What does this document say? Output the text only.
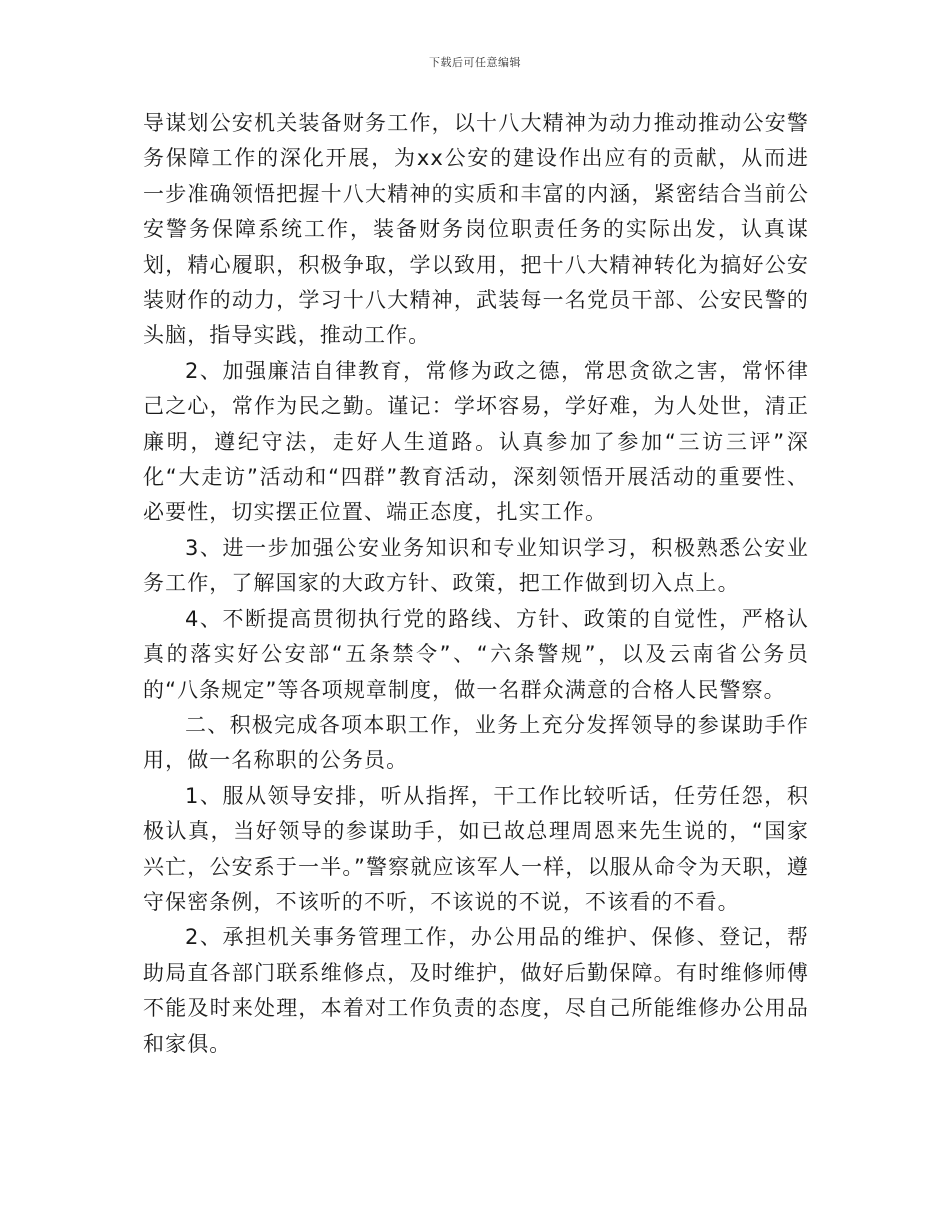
下载后可任意编辑

导谋划公安机关装备财务工作，以十八大精神为动力推动推动公安警务保障工作的深化开展，为xx公安的建设作出应有的贡献，从而进一步准确领悟把握十八大精神的实质和丰富的内涵，紧密结合当前公安警务保障系统工作，装备财务岗位职责任务的实际出发，认真谋划，精心履职，积极争取，学以致用，把十八大精神转化为搞好公安装财作的动力，学习十八大精神，武装每一名党员干部、公安民警的头脑，指导实践，推动工作。

2、加强廉洁自律教育，常修为政之德，常思贪欲之害，常怀律己之心，常作为民之勤。谨记：学坏容易，学好难，为人处世，清正廉明，遵纪守法，走好人生道路。认真参加了参加“三访三评”深化“大走访”活动和“四群”教育活动，深刻领悟开展活动的重要性、必要性，切实摆正位置、端正态度，扎实工作。

3、进一步加强公安业务知识和专业知识学习，积极熟悉公安业务工作，了解国家的大政方针、政策，把工作做到切入点上。

4、不断提高贯彻执行党的路线、方针、政策的自觉性，严格认真的落实好公安部“五条禁令”、“六条警规”，以及云南省公务员的“八条规定”等各项规章制度，做一名群众满意的合格人民警察。

二、积极完成各项本职工作，业务上充分发挥领导的参谋助手作用，做一名称职的公务员。

1、服从领导安排，听从指挥，干工作比较听话，任劳任怨，积极认真，当好领导的参谋助手，如已故总理周恩来先生说的，“国家兴亡，公安系于一半。”警察就应该军人一样，以服从命令为天职，遵守保密条例，不该听的不听，不该说的不说，不该看的不看。

2、承担机关事务管理工作，办公用品的维护、保修、登记，帮助局直各部门联系维修点，及时维护，做好后勤保障。有时维修师傅不能及时来处理，本着对工作负责的态度，尽自己所能维修办公用品和家俱。
